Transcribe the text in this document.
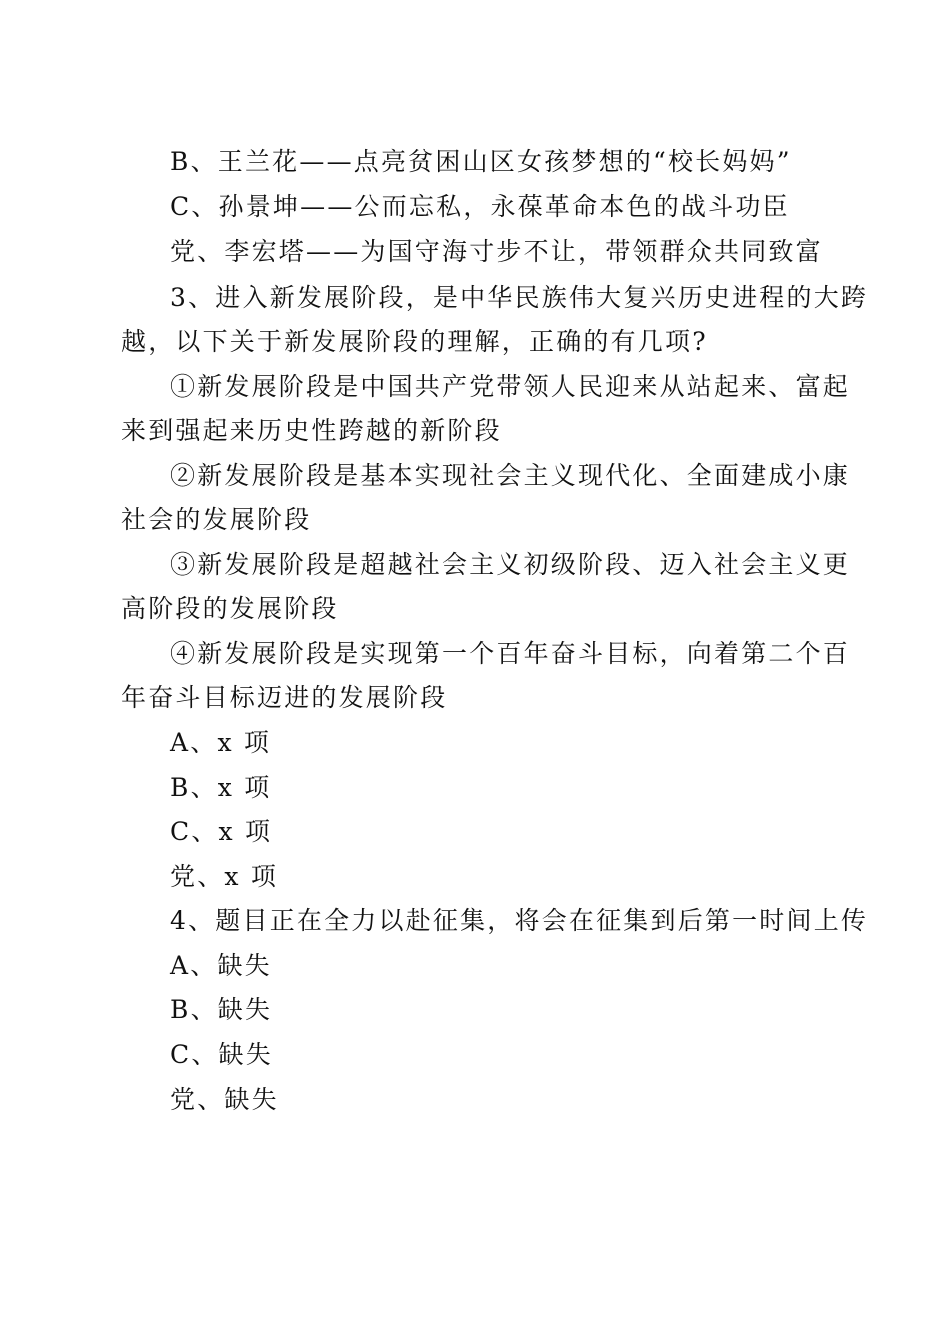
B、王兰花——点亮贫困山区女孩梦想的“校长妈妈”
C、孙景坤——公而忘私，永葆革命本色的战斗功臣
党、李宏塔——为国守海寸步不让，带领群众共同致富
3、进入新发展阶段，是中华民族伟大复兴历史进程的大跨
越，以下关于新发展阶段的理解，正确的有几项?
①新发展阶段是中国共产党带领人民迎来从站起来、富起
来到强起来历史性跨越的新阶段
②新发展阶段是基本实现社会主义现代化、全面建成小康
社会的发展阶段
③新发展阶段是超越社会主义初级阶段、迈入社会主义更
高阶段的发展阶段
④新发展阶段是实现第一个百年奋斗目标，向着第二个百
年奋斗目标迈进的发展阶段
A、x 项
B、x 项
C、x 项
党、x 项
4、题目正在全力以赴征集，将会在征集到后第一时间上传
A、缺失
B、缺失
C、缺失
党、缺失
